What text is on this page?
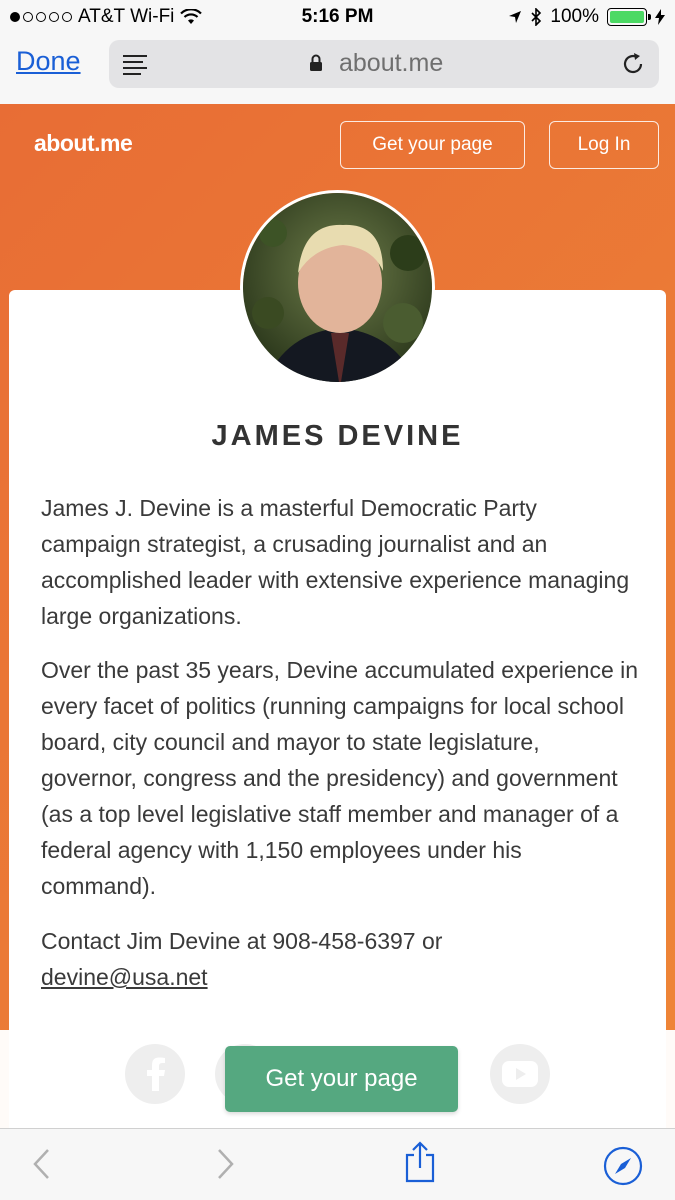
AT&T Wi-Fi	5:16 PM	100%
Done	about.me
about.me	Get your page	Log In
JAMES DEVINE

James J. Devine is a masterful Democratic Party campaign strategist, a crusading journalist and an accomplished leader with extensive experience managing large organizations.

Over the past 35 years, Devine accumulated experience in every facet of politics (running campaigns for local school board, city council and mayor to state legislature, governor, congress and the presidency) and government (as a top level legislative staff member and manager of a federal agency with 1,150 employees under his command).

Contact Jim Devine at 908-458-6397 or
devine@usa.net

Get your page
